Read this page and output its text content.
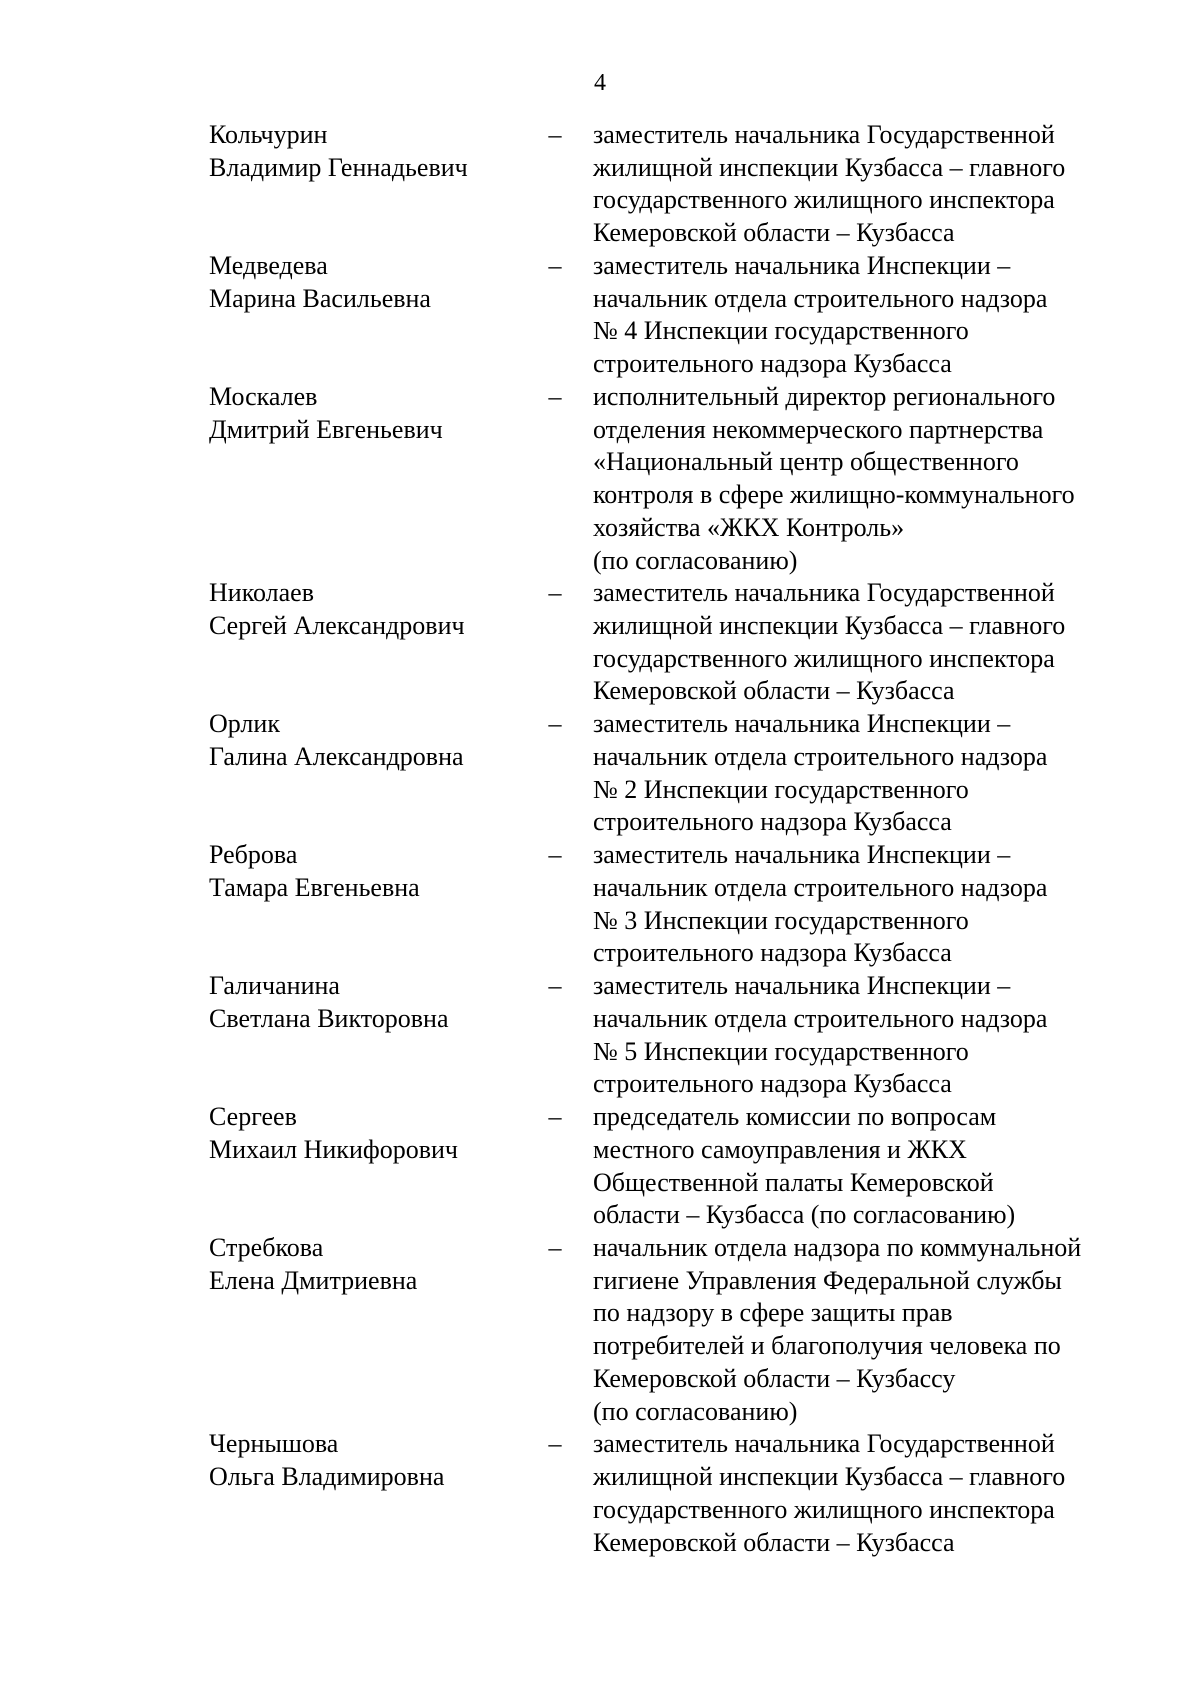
4
Кольчурин
Владимир Геннадьевич
–	заместитель начальника Государственной
жилищной инспекции Кузбасса – главного
государственного жилищного инспектора
Кемеровской области – Кузбасса
Медведева
Марина Васильевна
–	заместитель начальника Инспекции –
начальник отдела строительного надзора
№ 4 Инспекции государственного
строительного надзора Кузбасса
Москалев
Дмитрий Евгеньевич
–	исполнительный директор регионального
отделения некоммерческого партнерства
«Национальный центр общественного
контроля в сфере жилищно-коммунального
хозяйства «ЖКХ Контроль»
(по согласованию)
Николаев
Сергей Александрович
–	заместитель начальника Государственной
жилищной инспекции Кузбасса – главного
государственного жилищного инспектора
Кемеровской области – Кузбасса
Орлик
Галина Александровна
–	заместитель начальника Инспекции –
начальник отдела строительного надзора
№ 2 Инспекции государственного
строительного надзора Кузбасса
Реброва
Тамара Евгеньевна
–	заместитель начальника Инспекции –
начальник отдела строительного надзора
№ 3 Инспекции государственного
строительного надзора Кузбасса
Галичанина
Светлана Викторовна
–	заместитель начальника Инспекции –
начальник отдела строительного надзора
№ 5 Инспекции государственного
строительного надзора Кузбасса
Сергеев
Михаил Никифорович
–	председатель комиссии по вопросам
местного самоуправления и ЖКХ
Общественной палаты Кемеровской
области – Кузбасса (по согласованию)
Стребкова
Елена Дмитриевна
–	начальник отдела надзора по коммунальной
гигиене Управления Федеральной службы
по надзору в сфере защиты прав
потребителей и благополучия человека по
Кемеровской области – Кузбассу
(по согласованию)
Чернышова
Ольга Владимировна
–	заместитель начальника Государственной
жилищной инспекции Кузбасса – главного
государственного жилищного инспектора
Кемеровской области – Кузбасса
